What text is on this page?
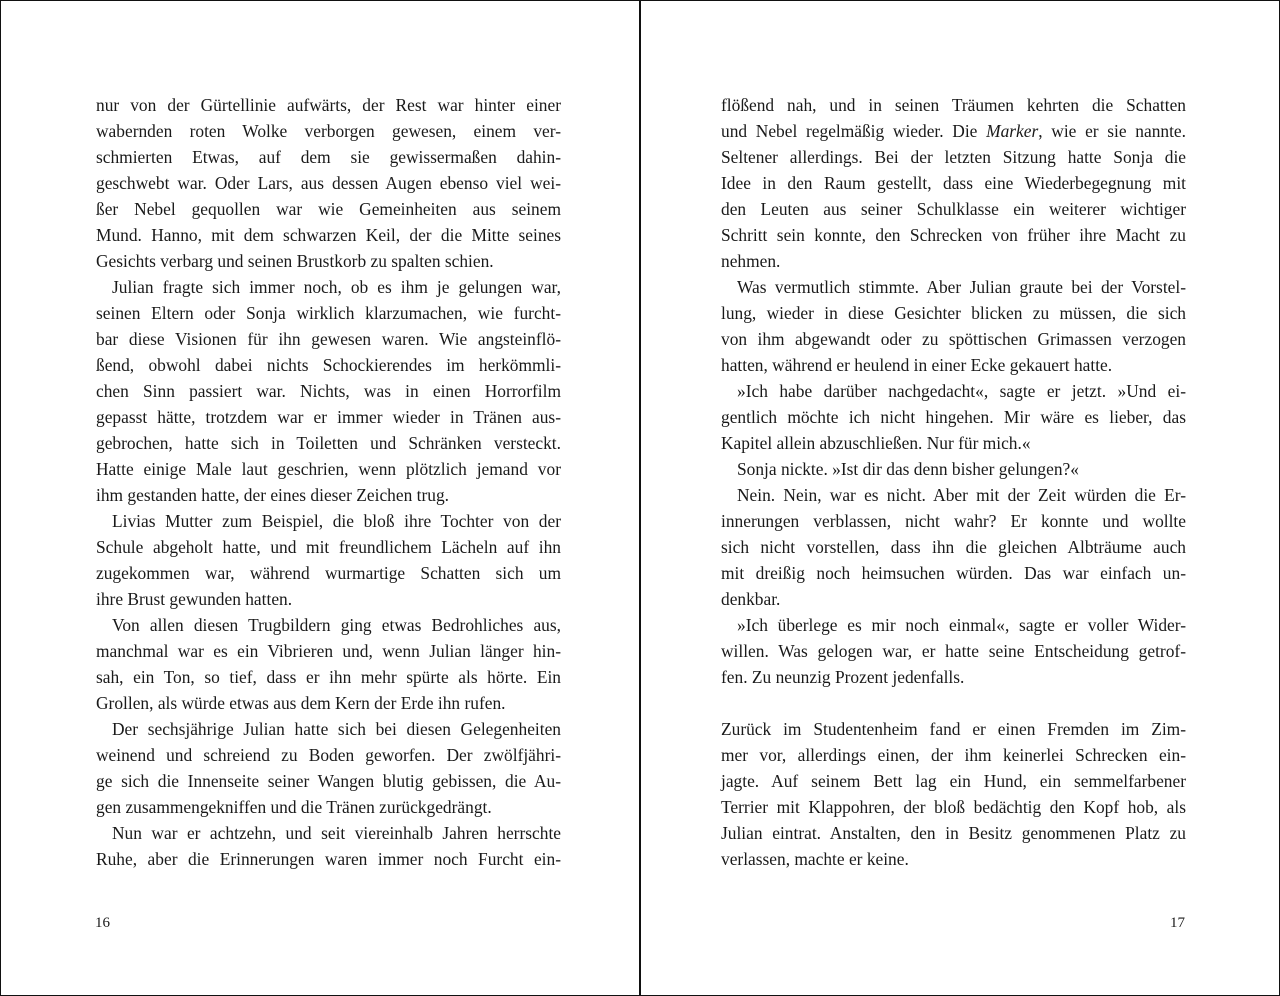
nur von der Gürtellinie aufwärts, der Rest war hinter einer
wabernden roten Wolke verborgen gewesen, einem ver-
schmierten Etwas, auf dem sie gewissermaßen dahin-
geschwebt war. Oder Lars, aus dessen Augen ebenso viel wei-
ßer Nebel gequollen war wie Gemeinheiten aus seinem
Mund. Hanno, mit dem schwarzen Keil, der die Mitte seines
Gesichts verbarg und seinen Brustkorb zu spalten schien.
Julian fragte sich immer noch, ob es ihm je gelungen war,
seinen Eltern oder Sonja wirklich klarzumachen, wie furcht-
bar diese Visionen für ihn gewesen waren. Wie angsteinflö-
ßend, obwohl dabei nichts Schockierendes im herkömmli-
chen Sinn passiert war. Nichts, was in einen Horrorfilm
gepasst hätte, trotzdem war er immer wieder in Tränen aus-
gebrochen, hatte sich in Toiletten und Schränken versteckt.
Hatte einige Male laut geschrien, wenn plötzlich jemand vor
ihm gestanden hatte, der eines dieser Zeichen trug.
Livias Mutter zum Beispiel, die bloß ihre Tochter von der
Schule abgeholt hatte, und mit freundlichem Lächeln auf ihn
zugekommen war, während wurmartige Schatten sich um
ihre Brust gewunden hatten.
Von allen diesen Trugbildern ging etwas Bedrohliches aus,
manchmal war es ein Vibrieren und, wenn Julian länger hin-
sah, ein Ton, so tief, dass er ihn mehr spürte als hörte. Ein
Grollen, als würde etwas aus dem Kern der Erde ihn rufen.
Der sechsjährige Julian hatte sich bei diesen Gelegenheiten
weinend und schreiend zu Boden geworfen. Der zwölfjähri-
ge sich die Innenseite seiner Wangen blutig gebissen, die Au-
gen zusammengekniffen und die Tränen zurückgedrängt.
Nun war er achtzehn, und seit viereinhalb Jahren herrschte
Ruhe, aber die Erinnerungen waren immer noch Furcht ein-
16
flößend nah, und in seinen Träumen kehrten die Schatten
und Nebel regelmäßig wieder. Die Marker, wie er sie nannte.
Seltener allerdings. Bei der letzten Sitzung hatte Sonja die
Idee in den Raum gestellt, dass eine Wiederbegegnung mit
den Leuten aus seiner Schulklasse ein weiterer wichtiger
Schritt sein konnte, den Schrecken von früher ihre Macht zu
nehmen.
Was vermutlich stimmte. Aber Julian graute bei der Vorstel-
lung, wieder in diese Gesichter blicken zu müssen, die sich
von ihm abgewandt oder zu spöttischen Grimassen verzogen
hatten, während er heulend in einer Ecke gekauert hatte.
»Ich habe darüber nachgedacht«, sagte er jetzt. »Und ei-
gentlich möchte ich nicht hingehen. Mir wäre es lieber, das
Kapitel allein abzuschließen. Nur für mich.«
Sonja nickte. »Ist dir das denn bisher gelungen?«
Nein. Nein, war es nicht. Aber mit der Zeit würden die Er-
innerungen verblassen, nicht wahr? Er konnte und wollte
sich nicht vorstellen, dass ihn die gleichen Albträume auch
mit dreißig noch heimsuchen würden. Das war einfach un-
denkbar.
»Ich überlege es mir noch einmal«, sagte er voller Wider-
willen. Was gelogen war, er hatte seine Entscheidung getrof-
fen. Zu neunzig Prozent jedenfalls.
Zurück im Studentenheim fand er einen Fremden im Zim-
mer vor, allerdings einen, der ihm keinerlei Schrecken ein-
jagte. Auf seinem Bett lag ein Hund, ein semmelfarbener
Terrier mit Klappohren, der bloß bedächtig den Kopf hob, als
Julian eintrat. Anstalten, den in Besitz genommenen Platz zu
verlassen, machte er keine.
17
